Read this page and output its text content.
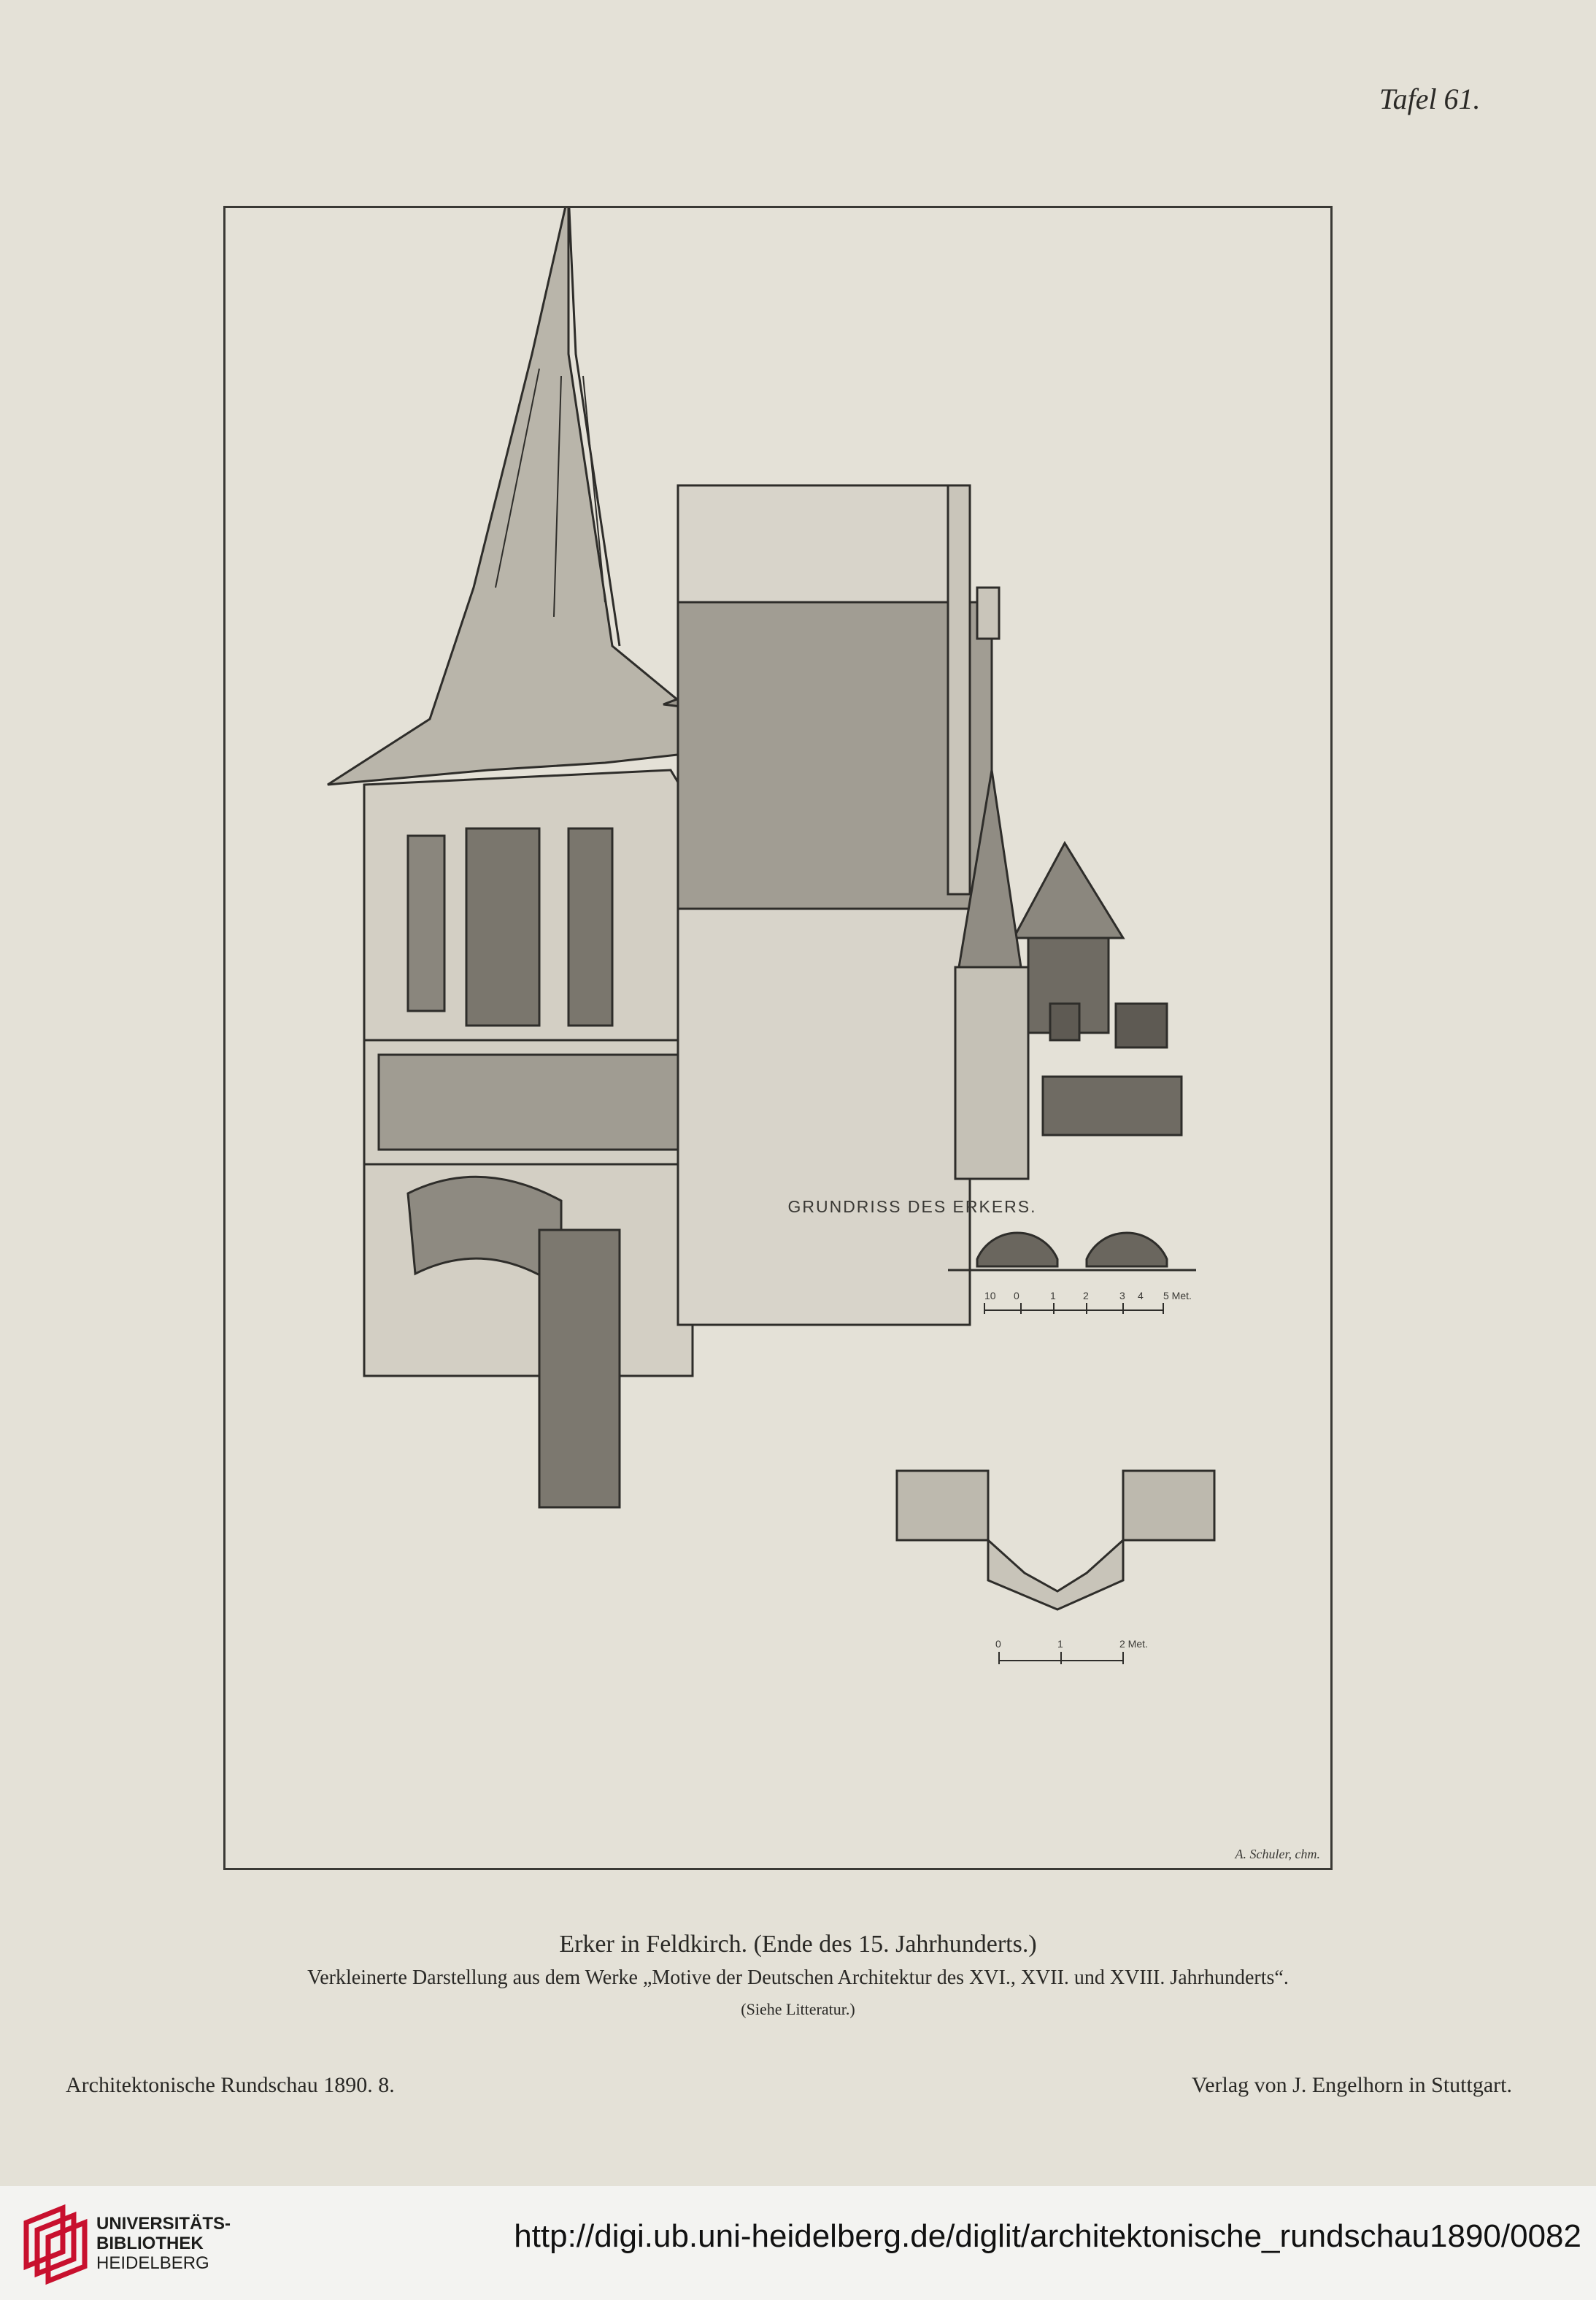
Tafel 61.
10 0	1	2	3 4 5 Met.
0	1	2 Met.
A. Schuler, chm.
GRUNDRISS DES ERKERS.
Erker in Feldkirch. (Ende des 15. Jahrhunderts.)
Verkleinerte Darstellung aus dem Werke „Motive der Deutschen Architektur des XVI., XVII. und XVIII. Jahrhunderts“.
(Siehe Litteratur.)
Architektonische Rundschau 1890. 8.	Verlag von J. Engelhorn in Stuttgart.
UNIVERSITÄTS-
BIBLIOTHEK
HEIDELBERG
http://digi.ub.uni-heidelberg.de/diglit/architektonische_rundschau1890/0082
